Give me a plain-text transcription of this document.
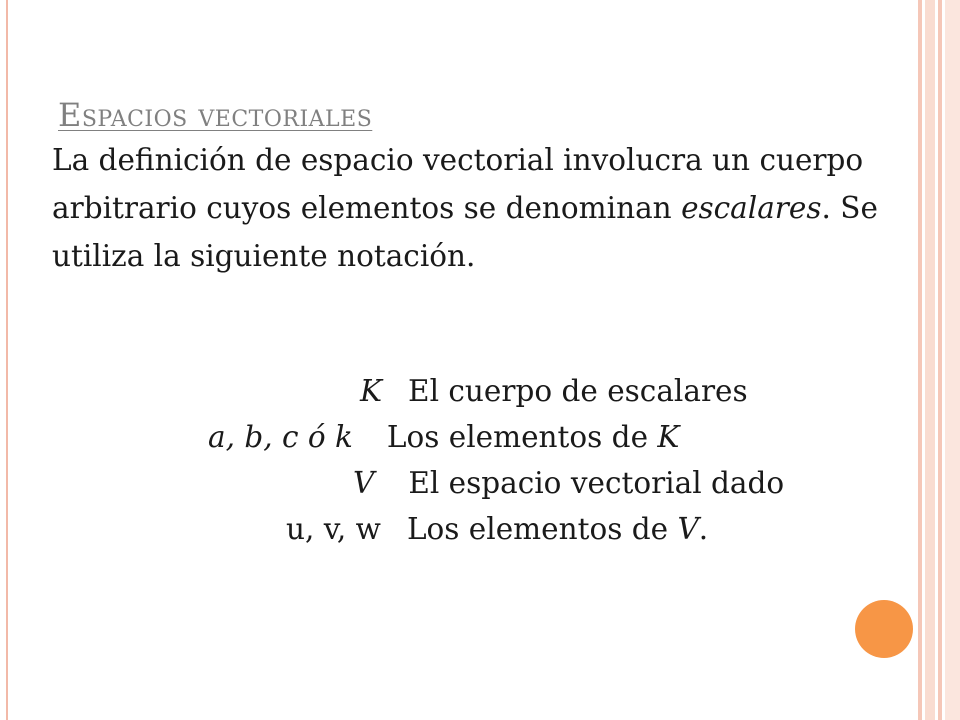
Espacios vectoriales

La definición de espacio vectorial involucra un cuerpo arbitrario cuyos elementos se denominan escalares. Se utiliza la siguiente notación.

K El cuerpo de escalares
a, b, c ó k Los elementos de K
V El espacio vectorial dado
u, v, w Los elementos de V.
